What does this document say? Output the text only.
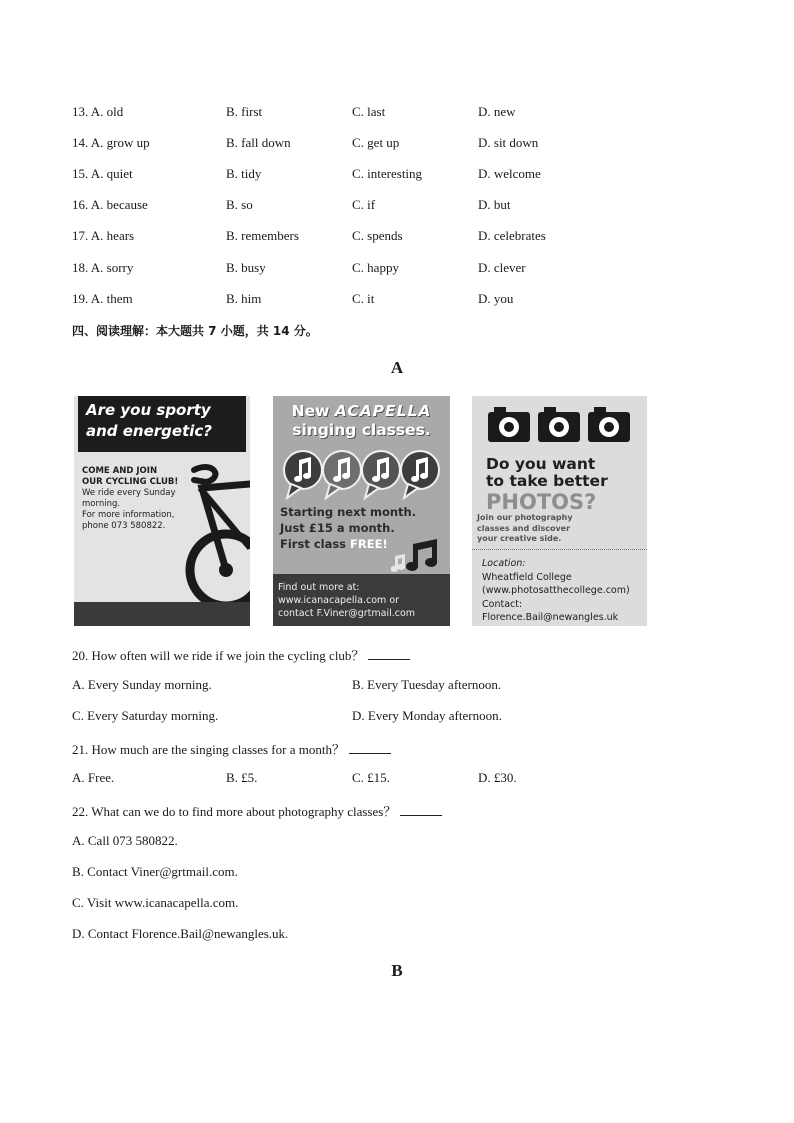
13. A. old	B. first	C. last	D. new
14. A. grow up	B. fall down	C. get up	D. sit down
15. A. quiet	B. tidy	C. interesting	D. welcome
16. A. because	B. so	C. if	D. but
17. A. hears	B. remembers	C. spends	D. celebrates
18. A. sorry	B. busy	C. happy	D. clever
19. A. them	B. him	C. it	D. you
四、阅读理解：本大题共 7 小题，共 14 分。
A
Are you sporty and energetic?
COME AND JOIN
OUR CYCLING CLUB!
We ride every Sunday
morning.
For more information,
phone 073 580822.
New ACAPELLA
singing classes.
Starting next month.
Just £15 a month.
First class FREE!
Find out more at:
www.icanacapella.com or
contact F.Viner@grtmail.com
Do you want
to take better
PHOTOS?
Join our photography
classes and discover
your creative side.
Location:
Wheatfield College
(www.photosatthecollege.com)
Contact:
Florence.Bail@newangles.uk
20. How often will we ride if we join the cycling club？
A. Every Sunday morning.	B. Every Tuesday afternoon.
C. Every Saturday morning.	D. Every Monday afternoon.
21. How much are the singing classes for a month？
A. Free.	B. £5.	C. £15.	D. £30.
22. What can we do to find more about photography classes？
A. Call 073 580822.
B. Contact Viner@grtmail.com.
C. Visit www.icanacapella.com.
D. Contact Florence.Bail@newangles.uk.
B
